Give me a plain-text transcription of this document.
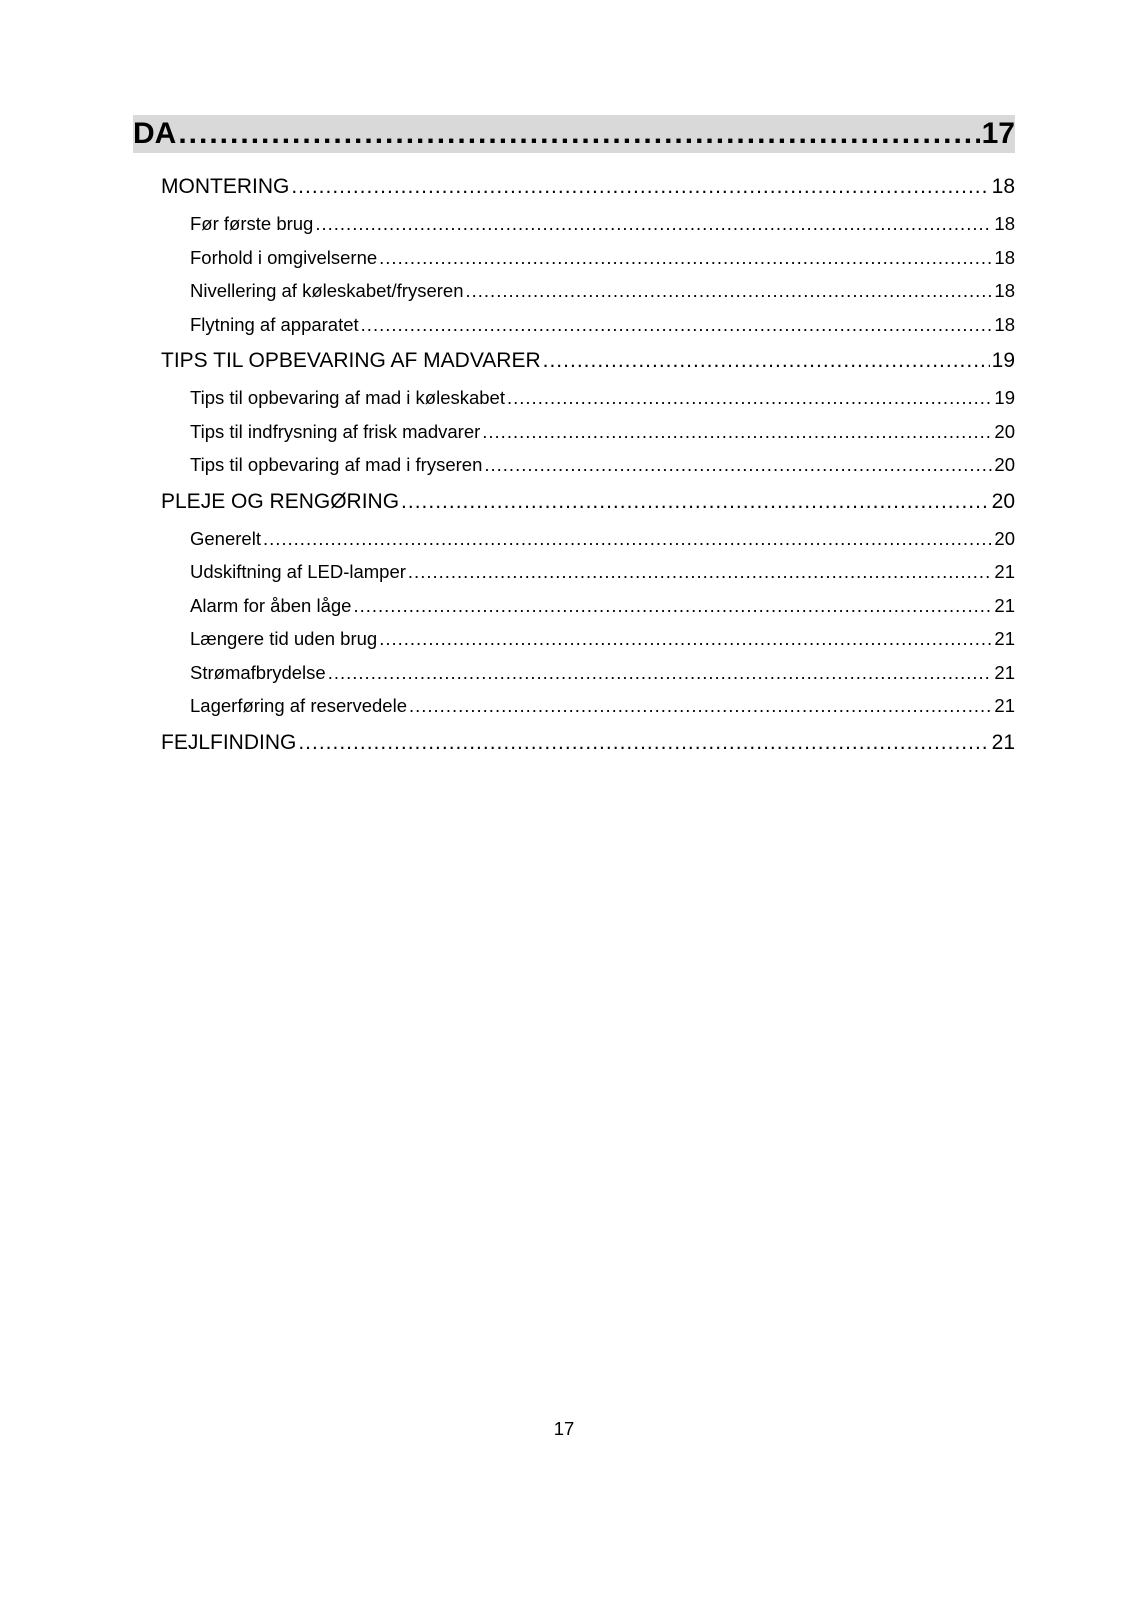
DA .....	17
MONTERING .....	18
Før første brug .....	18
Forhold i omgivelserne .....	18
Nivellering af køleskabet/fryseren .....	18
Flytning af apparatet .....	18
TIPS TIL OPBEVARING AF MADVARER .....	19
Tips til opbevaring af mad i køleskabet .....	19
Tips til indfrysning af frisk madvarer .....	20
Tips til opbevaring af mad i fryseren .....	20
PLEJE OG RENGØRING .....	20
Generelt .....	20
Udskiftning af LED-lamper .....	21
Alarm for åben låge .....	21
Længere tid uden brug .....	21
Strømafbrydelse .....	21
Lagerføring af reservedele .....	21
FEJLFINDING .....	21
17
